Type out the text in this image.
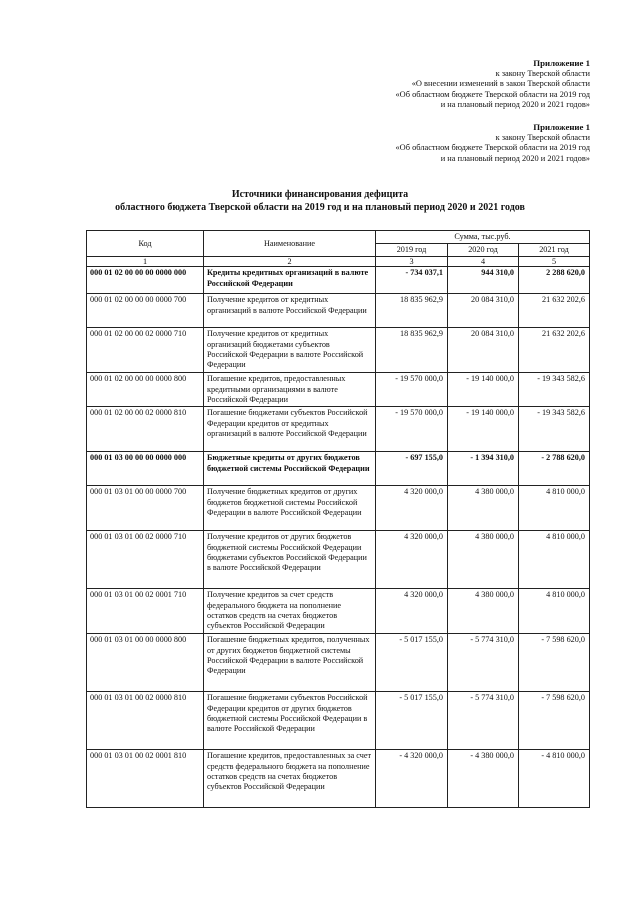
Приложение 1
к закону Тверской области
«О внесении изменений в закон Тверской области
«Об областном бюджете Тверской области на 2019 год
и на плановый период 2020 и 2021 годов»
Приложение 1
к закону Тверской области
«Об областном бюджете Тверской области на 2019 год
и на плановый период 2020 и 2021 годов»
Источники финансирования дефицита
областного бюджета Тверской области на 2019 год и на плановый период 2020 и 2021 годов
Код	Наименование	Сумма, тыс.руб.		
		2019 год	2020 год	2021 год
1	2	3	4	5
000 01 02 00 00 00 0000 000	Кредиты кредитных организаций в валюте Российской Федерации	- 734 037,1	944 310,0	2 288 620,0
000 01 02 00 00 00 0000 700	Получение кредитов от кредитных организаций в валюте Российской Федерации	18 835 962,9	20 084 310,0	21 632 202,6
000 01 02 00 00 02 0000 710	Получение кредитов от кредитных организаций бюджетами субъектов Российской Федерации в валюте Российской Федерации	18 835 962,9	20 084 310,0	21 632 202,6
000 01 02 00 00 00 0000 800	Погашение кредитов, предоставленных кредитными организациями в валюте Российской Федерации	- 19 570 000,0	- 19 140 000,0	- 19 343 582,6
000 01 02 00 00 02 0000 810	Погашение бюджетами субъектов Российской Федерации кредитов от кредитных организаций в валюте Российской Федерации	- 19 570 000,0	- 19 140 000,0	- 19 343 582,6
000 01 03 00 00 00 0000 000	Бюджетные кредиты от других бюджетов бюджетной системы Российской Федерации	- 697 155,0	- 1 394 310,0	- 2 788 620,0
000 01 03 01 00 00 0000 700	Получение бюджетных кредитов от других бюджетов бюджетной системы Российской Федерации в валюте Российской Федерации	4 320 000,0	4 380 000,0	4 810 000,0
000 01 03 01 00 02 0000 710	Получение кредитов от других бюджетов бюджетной системы Российской Федерации бюджетами субъектов Российской Федерации в валюте Российской Федерации	4 320 000,0	4 380 000,0	4 810 000,0
000 01 03 01 00 02 0001 710	Получение кредитов за счет средств федерального бюджета на пополнение остатков средств на счетах бюджетов субъектов Российской Федерации	4 320 000,0	4 380 000,0	4 810 000,0
000 01 03 01 00 00 0000 800	Погашение бюджетных кредитов, полученных от других бюджетов бюджетной системы Российской Федерации в валюте Российской Федерации	- 5 017 155,0	- 5 774 310,0	- 7 598 620,0
000 01 03 01 00 02 0000 810	Погашение бюджетами субъектов Российской Федерации кредитов от других бюджетов бюджетной системы Российской Федерации в валюте Российской Федерации	- 5 017 155,0	- 5 774 310,0	- 7 598 620,0
000 01 03 01 00 02 0001 810	Погашение кредитов, предоставленных за счет средств федерального бюджета на пополнение остатков средств на счетах бюджетов субъектов Российской Федерации	- 4 320 000,0	- 4 380 000,0	- 4 810 000,0
